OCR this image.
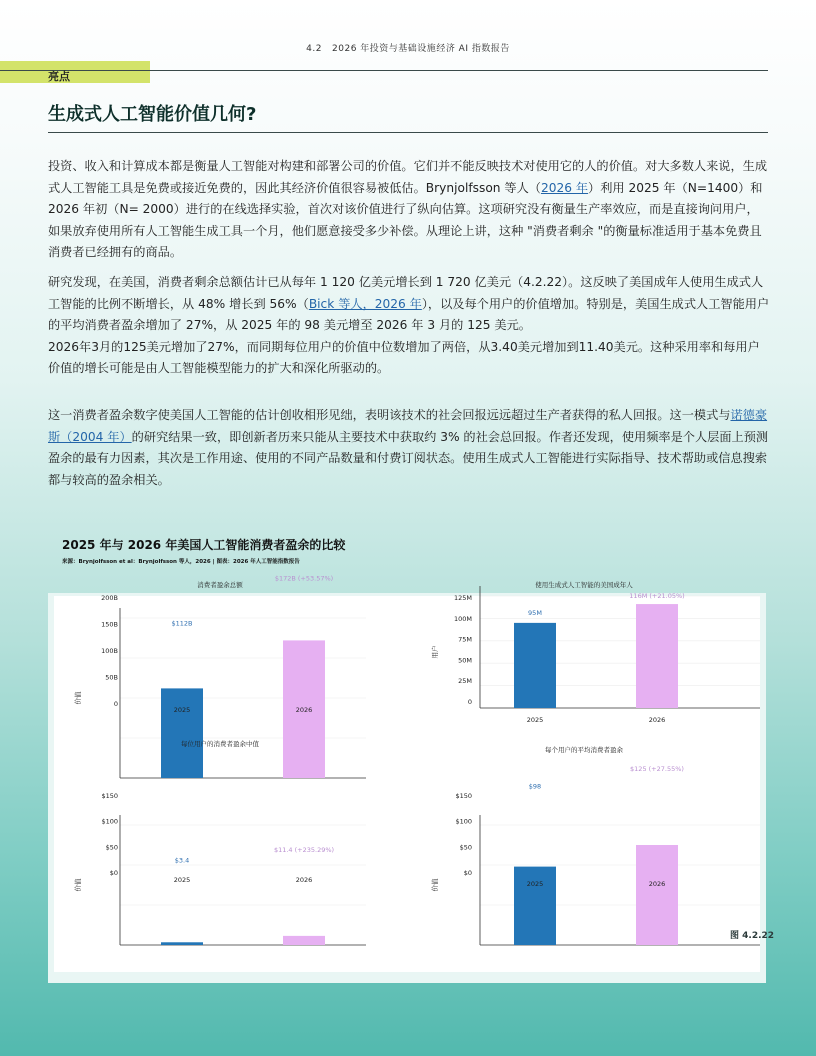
4.2 2026 年投资与基础设施经济 AI 指数报告
亮点
生成式人工智能价值几何?
投资、收入和计算成本都是衡量人工智能对构建和部署公司的价值。它们并不能反映技术对使用它的人的价值。对大多数人来说，生成式人工智能工具是免费或接近免费的，因此其经济价值很容易被低估。Brynjolfsson 等人（2026 年）利用 2025 年（N=1400）和 2026 年初（N= 2000）进行的在线选择实验，首次对该价值进行了纵向估算。这项研究没有衡量生产率效应，而是直接询问用户，如果放弃使用所有人工智能生成工具一个月，他们愿意接受多少补偿。从理论上讲，这种 "消费者剩余 "的衡量标准适用于基本免费且消费者已经拥有的商品。
研究发现，在美国，消费者剩余总额估计已从每年 1 120 亿美元增长到 1 720 亿美元（4.2.22）。这反映了美国成年人使用生成式人工智能的比例不断增长，从 48% 增长到 56%（Bick 等人，2026 年），以及每个用户的价值增加。特别是，美国生成式人工智能用户的平均消费者盈余增加了 27%，从 2025 年的 98 美元增至 2026 年 3 月的 125 美元。
2026年3月的125美元增加了27%，而同期每位用户的价值中位数增加了两倍，从3.40美元增加到11.40美元。这种采用率和每用户价值的增长可能是由人工智能模型能力的扩大和深化所驱动的。
这一消费者盈余数字使美国人工智能的估计创收相形见绌，表明该技术的社会回报远远超过生产者获得的私人回报。这一模式与诺德豪斯（2004 年）的研究结果一致，即创新者历来只能从主要技术中获取约 3% 的社会总回报。作者还发现，使用频率是个人层面上预测盈余的最有力因素，其次是工作用途、使用的不同产品数量和付费订阅状态。使用生成式人工智能进行实际指导、技术帮助或信息搜索都与较高的盈余相关。
2025 年与 2026 年美国人工智能消费者盈余的比较
来源：Brynjolfsson et al：Brynjolfsson 等人，2026 | 图表：2026 年人工智能指数报告
消费者盈余总额
价值
200B
150B
100B
50B
0
2025
$112B
2026
$172B (+53.57%)
使用生成式人工智能的美国成年人
用户
125M
100M
75M
50M
25M
0
2025
95M
2026
116M (+21.05%)
每位用户的消费者盈余中值
价值
$150
$100
$50
$0
2025
$3.4
2026
$11.4 (+235.29%)
每个用户的平均消费者盈余
价值
$150
$100
$50
$0
2025
$98
2026
$125 (+27.55%)
图 4.2.22
